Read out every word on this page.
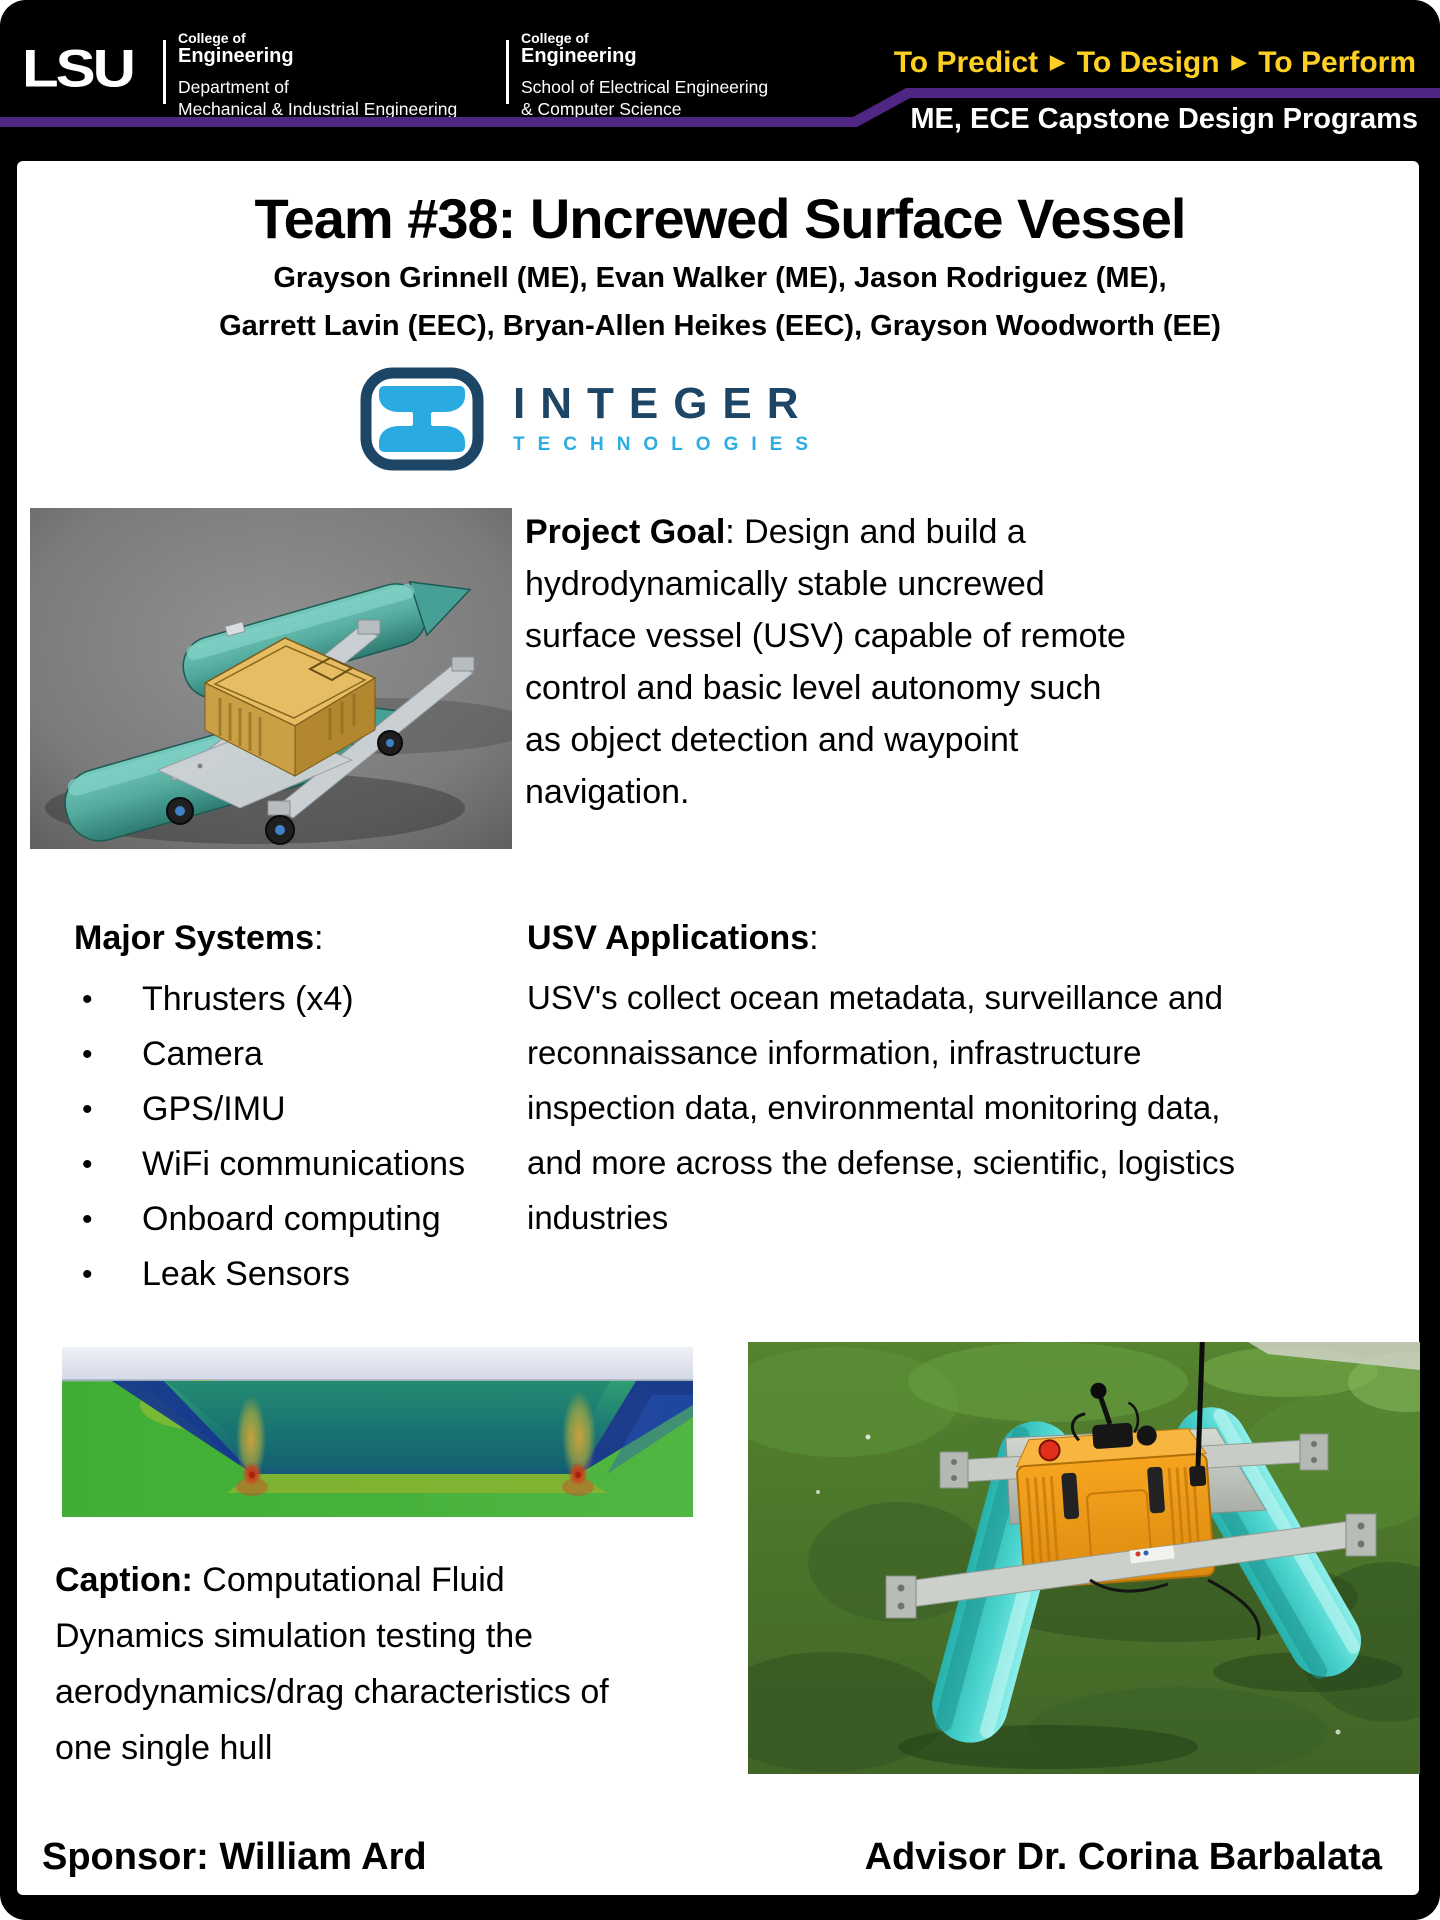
LSU
College of
Engineering
Department of
Mechanical & Industrial Engineering
College of
Engineering
School of Electrical Engineering
& Computer Science
To Predict ▶ To Design ▶ To Perform
ME, ECE Capstone Design Programs
Team #38: Uncrewed Surface Vessel
Grayson Grinnell (ME), Evan Walker (ME), Jason Rodriguez (ME),
Garrett Lavin (EEC), Bryan-Allen Heikes (EEC), Grayson Woodworth (EE)
INTEGER
TECHNOLOGIES
Project Goal: Design and build a hydrodynamically stable uncrewed surface vessel (USV) capable of remote control and basic level autonomy such as object detection and waypoint navigation.
Major Systems:
•	Thrusters (x4)
•	Camera
•	GPS/IMU
•	WiFi communications
•	Onboard computing
•	Leak Sensors
USV Applications:
USV's collect ocean metadata, surveillance and reconnaissance information, infrastructure inspection data, environmental monitoring data, and more across the defense, scientific, logistics industries
Caption: Computational Fluid Dynamics simulation testing the aerodynamics/drag characteristics of one single hull
Sponsor: William Ard	Advisor Dr. Corina Barbalata
